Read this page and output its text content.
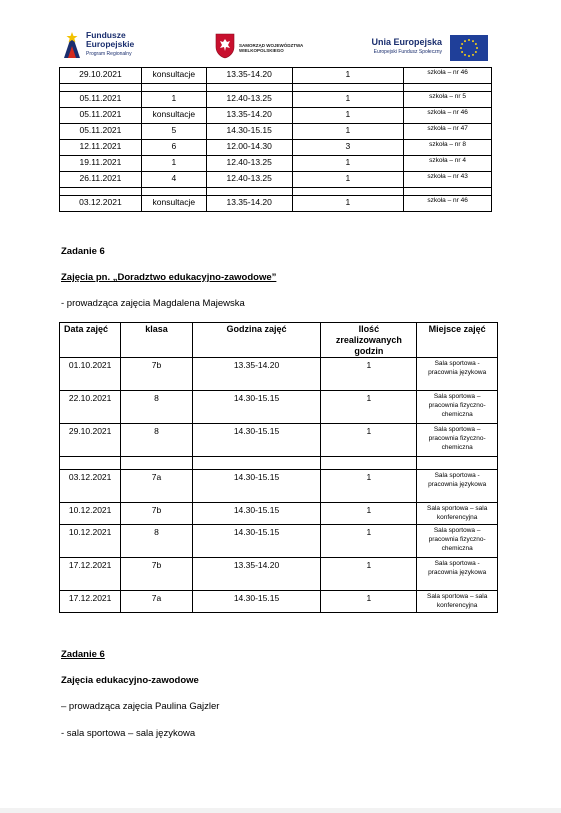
Fundusze
Europejskie
Program Regionalny
SAMORZĄD WOJEWÓDZTWA WIELKOPOLSKIEGO
Unia Europejska
Europejski Fundusz Społeczny
29.10.2021	konsultacje	13.35-14.20	1	szkoła – nr 46

05.11.2021	1	12.40-13.25	1	szkoła – nr 5
05.11.2021	konsultacje	13.35-14.20	1	szkoła – nr 46
05.11.2021	5	14.30-15.15	1	szkoła – nr 47
12.11.2021	6	12.00-14.30	3	szkoła – nr 8
19.11.2021	1	12.40-13.25	1	szkoła – nr 4
26.11.2021	4	12.40-13.25	1	szkoła – nr 43

03.12.2021	konsultacje	13.35-14.20	1	szkoła – nr 46
Zadanie 6
Zajęcia pn. „Doradztwo edukacyjno-zawodowe”
- prowadząca zajęcia Magdalena Majewska
Data zajęć	klasa	Godzina zajęć	Ilość zrealizowanych godzin	Miejsce zajęć
01.10.2021	7b	13.35-14.20	1	Sala sportowa - pracownia językowa
22.10.2021	8	14.30-15.15	1	Sala sportowa – pracownia fizyczno-chemiczna
29.10.2021	8	14.30-15.15	1	Sala sportowa – pracownia fizyczno-chemiczna

03.12.2021	7a	14.30-15.15	1	Sala sportowa - pracownia językowa
10.12.2021	7b	14.30-15.15	1	Sala sportowa – sala konferencyjna
10.12.2021	8	14.30-15.15	1	Sala sportowa – pracownia fizyczno-chemiczna
17.12.2021	7b	13.35-14.20	1	Sala sportowa - pracownia językowa
17.12.2021	7a	14.30-15.15	1	Sala sportowa – sala konferencyjna
Zadanie 6
Zajęcia edukacyjno-zawodowe
– prowadząca zajęcia Paulina Gajzler
- sala sportowa – sala językowa
